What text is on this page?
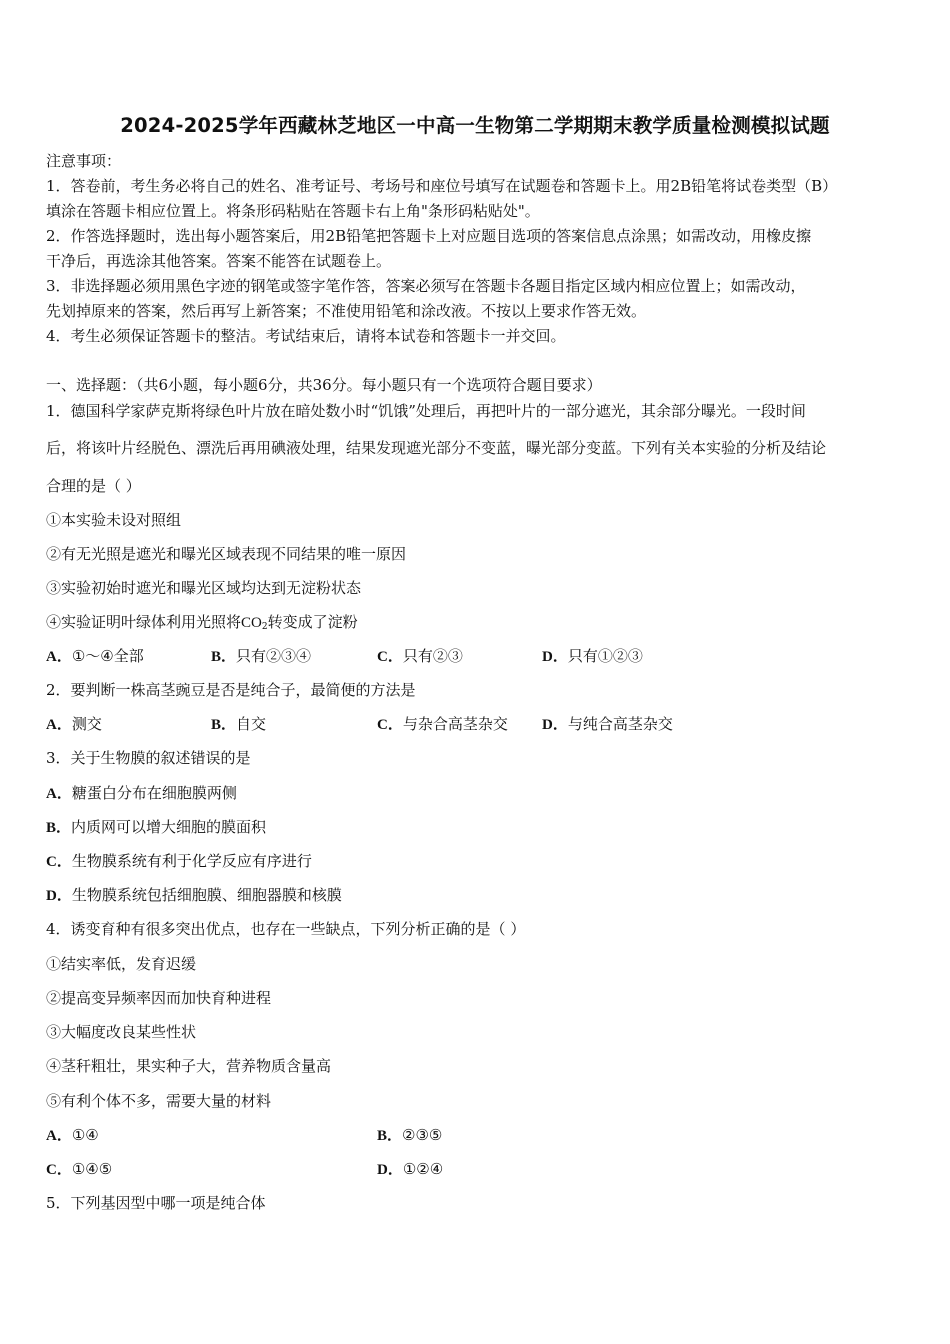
2024-2025学年西藏林芝地区一中高一生物第二学期期末教学质量检测模拟试题
注意事项：
1．答卷前，考生务必将自己的姓名、准考证号、考场号和座位号填写在试题卷和答题卡上。用2B铅笔将试卷类型（B）
填涂在答题卡相应位置上。将条形码粘贴在答题卡右上角"条形码粘贴处"。
2．作答选择题时，选出每小题答案后，用2B铅笔把答题卡上对应题目选项的答案信息点涂黑；如需改动，用橡皮擦
干净后，再选涂其他答案。答案不能答在试题卷上。
3．非选择题必须用黑色字迹的钢笔或签字笔作答，答案必须写在答题卡各题目指定区域内相应位置上；如需改动，
先划掉原来的答案，然后再写上新答案；不准使用铅笔和涂改液。不按以上要求作答无效。
4．考生必须保证答题卡的整洁。考试结束后，请将本试卷和答题卡一并交回。
一、选择题：（共6小题，每小题6分，共36分。每小题只有一个选项符合题目要求）
1．德国科学家萨克斯将绿色叶片放在暗处数小时“饥饿”处理后，再把叶片的一部分遮光，其余部分曝光。一段时间
后，将该叶片经脱色、漂洗后再用碘液处理，结果发现遮光部分不变蓝，曝光部分变蓝。下列有关本实验的分析及结论
合理的是（ ）
①本实验未设对照组
②有无光照是遮光和曝光区域表现不同结果的唯一原因
③实验初始时遮光和曝光区域均达到无淀粉状态
④实验证明叶绿体利用光照将$CO_2$转变成了淀粉
A．①～④全部	B．只有②③④	C．只有②③	D．只有①②③
2．要判断一株高茎豌豆是否是纯合子，最简便的方法是
A．测交	B．自交	C．与杂合高茎杂交 D．与纯合高茎杂交
3．关于生物膜的叙述错误的是
A．糖蛋白分布在细胞膜两侧
B．内质网可以增大细胞的膜面积
C．生物膜系统有利于化学反应有序进行
D．生物膜系统包括细胞膜、细胞器膜和核膜
4．诱变育种有很多突出优点，也存在一些缺点，下列分析正确的是（ ）
①结实率低，发育迟缓
②提高变异频率因而加快育种进程
③大幅度改良某些性状
④茎秆粗壮，果实种子大，营养物质含量高
⑤有利个体不多，需要大量的材料
A．①④	B．②③⑤
C．①④⑤	D．①②④
5．下列基因型中哪一项是纯合体
